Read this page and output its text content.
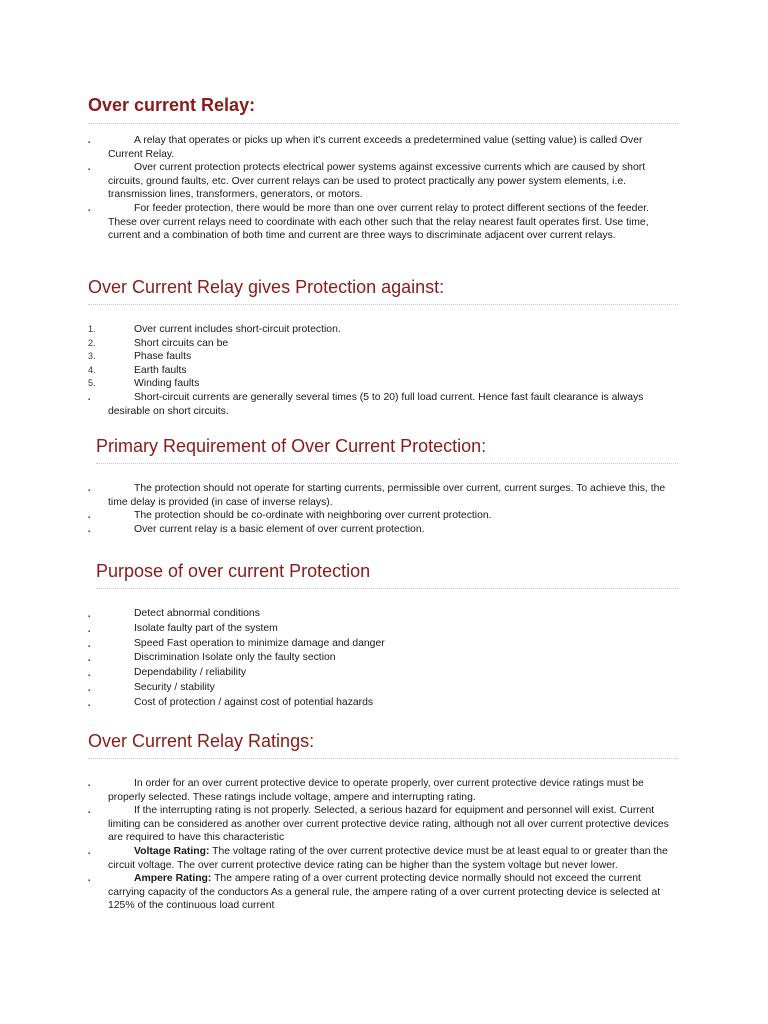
Over current Relay:
▪	A relay that operates or picks up when it's current exceeds a predetermined value (setting value) is called Over Current Relay.
▪	Over current protection protects electrical power systems against excessive currents which are caused by short circuits, ground faults, etc. Over current relays can be used to protect practically any power system elements, i.e. transmission lines, transformers, generators, or motors.
▪	For feeder protection, there would be more than one over current relay to protect different sections of the feeder. These over current relays need to coordinate with each other such that the relay nearest fault operates first. Use time, current and a combination of both time and current are three ways to discriminate adjacent over current relays.
Over Current Relay gives Protection against:
1.	Over current includes short-circuit protection.
2.	Short circuits can be
3.	Phase faults
4.	Earth faults
5.	Winding faults
▪	Short-circuit currents are generally several times (5 to 20) full load current. Hence fast fault clearance is always desirable on short circuits.
Primary Requirement of Over Current Protection:
▪	The protection should not operate for starting currents, permissible over current, current surges. To achieve this, the time delay is provided (in case of inverse relays).
▪	The protection should be co-ordinate with neighboring over current protection.
▪	Over current relay is a basic element of over current protection.
Purpose of over current Protection
▪	Detect abnormal conditions
▪	Isolate faulty part of the system
▪	Speed Fast operation to minimize damage and danger
▪	Discrimination Isolate only the faulty section
▪	Dependability / reliability
▪	Security / stability
▪	Cost of protection / against cost of potential hazards
Over Current Relay Ratings:
▪	In order for an over current protective device to operate properly, over current protective device ratings must be properly selected. These ratings include voltage, ampere and interrupting rating.
▪	If the interrupting rating is not properly. Selected, a serious hazard for equipment and personnel will exist. Current limiting can be considered as another over current protective device rating, although not all over current protective devices are required to have this characteristic
▪	Voltage Rating: The voltage rating of the over current protective device must be at least equal to or greater than the circuit voltage. The over current protective device rating can be higher than the system voltage but never lower.
▪	Ampere Rating: The ampere rating of a over current protecting device normally should not exceed the current carrying capacity of the conductors As a general rule, the ampere rating of a over current protecting device is selected at 125% of the continuous load current
